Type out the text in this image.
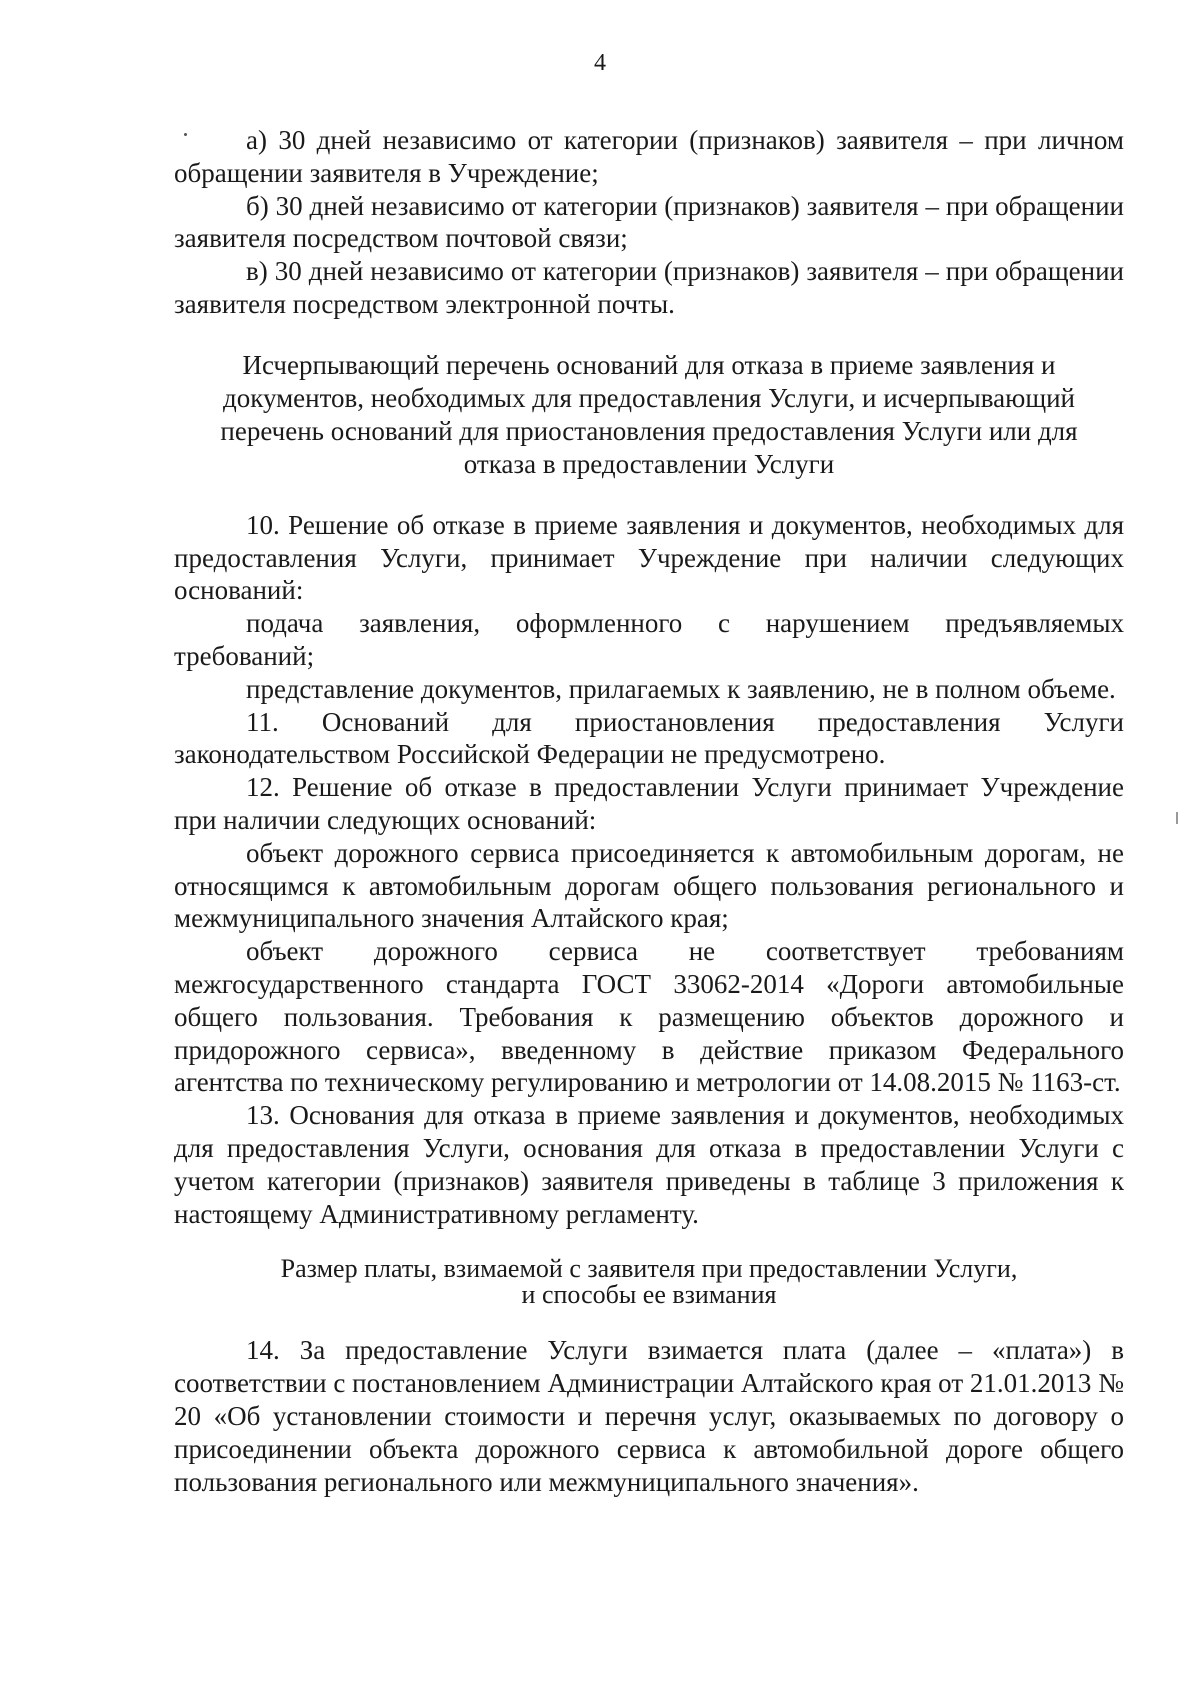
4

а) 30 дней независимо от категории (признаков) заявителя – при личном обращении заявителя в Учреждение;

б) 30 дней независимо от категории (признаков) заявителя – при обращении заявителя посредством почтовой связи;

в) 30 дней независимо от категории (признаков) заявителя – при обращении заявителя посредством электронной почты.

Исчерпывающий перечень оснований для отказа в приеме заявления и

документов, необходимых для предоставления Услуги, и исчерпывающий

перечень оснований для приостановления предоставления Услуги или для

отказа в предоставлении Услуги

10. Решение об отказе в приеме заявления и документов, необходимых для предоставления Услуги, принимает Учреждение при наличии следующих оснований:

подача заявления, оформленного с нарушением предъявляемых требований;

представление документов, прилагаемых к заявлению, не в полном объеме.

11. Оснований для приостановления предоставления Услуги законодательством Российской Федерации не предусмотрено.

12. Решение об отказе в предоставлении Услуги принимает Учреждение при наличии следующих оснований:

объект дорожного сервиса присоединяется к автомобильным дорогам, не относящимся к автомобильным дорогам общего пользования регионального и межмуниципального значения Алтайского края;

объект дорожного сервиса не соответствует требованиям межгосударственного стандарта ГОСТ 33062-2014 «Дороги автомобильные общего пользования. Требования к размещению объектов дорожного и придорожного сервиса», введенному в действие приказом Федерального агентства по техническому регулированию и метрологии от 14.08.2015 № 1163-ст.

13. Основания для отказа в приеме заявления и документов, необходимых для предоставления Услуги, основания для отказа в предоставлении Услуги с учетом категории (признаков) заявителя приведены в таблице 3 приложения к настоящему Административному регламенту.

Размер платы, взимаемой с заявителя при предоставлении Услуги,

и способы ее взимания

14. За предоставление Услуги взимается плата (далее – «плата») в соответствии с постановлением Администрации Алтайского края от 21.01.2013 № 20 «Об установлении стоимости и перечня услуг, оказываемых по договору о присоединении объекта дорожного сервиса к автомобильной дороге общего пользования регионального или межмуниципального значения».
